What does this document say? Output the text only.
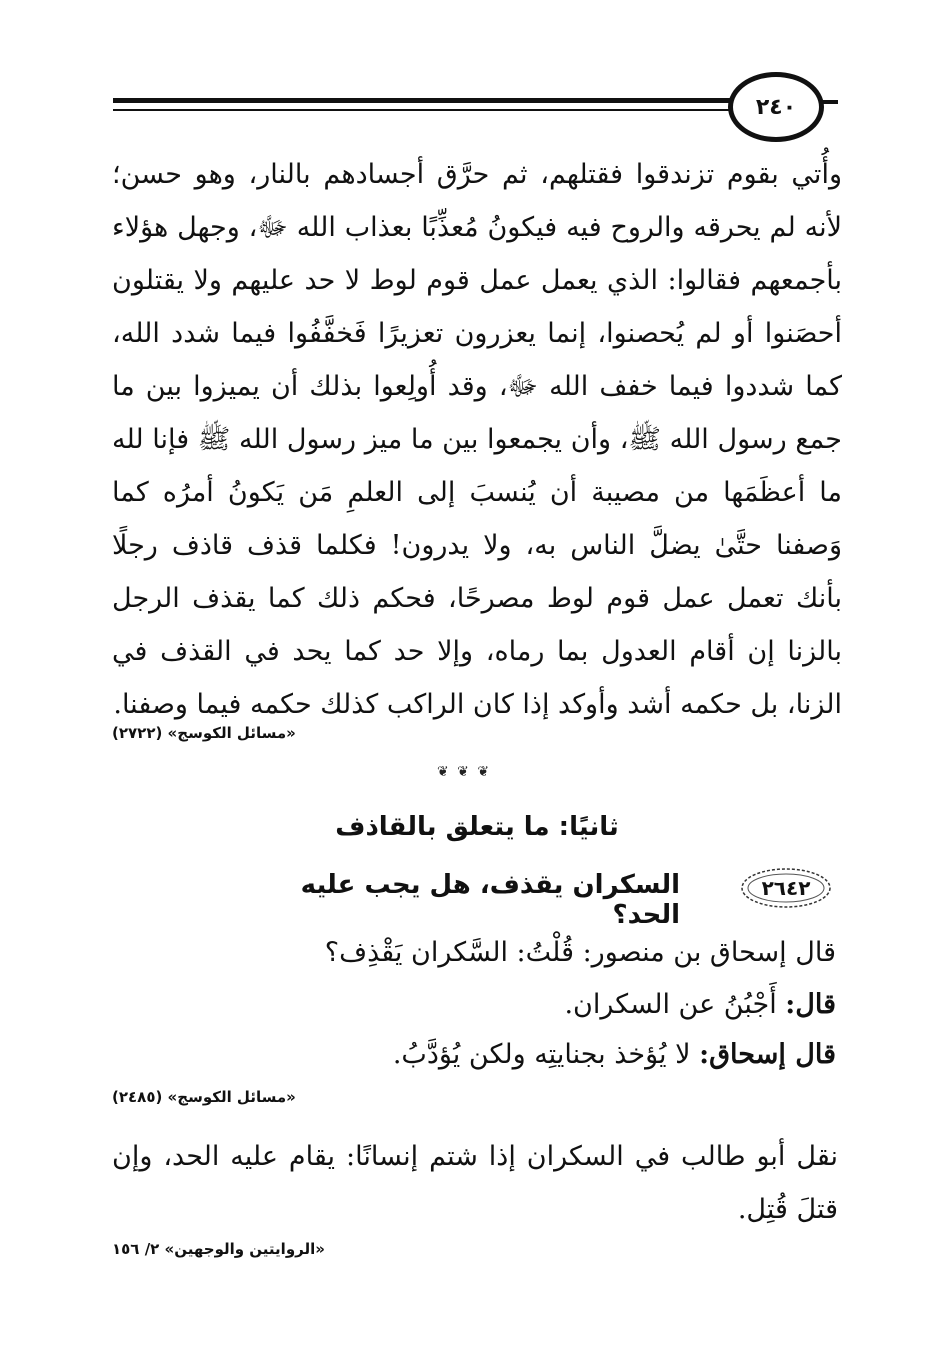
٢٤٠
وأُتي بقوم تزندقوا فقتلهم، ثم حرَّق أجسادهم بالنار، وهو حسن؛ لأنه لم يحرقه والروح فيه فيكونُ مُعذِّبًا بعذاب الله ﷻ، وجهل هؤلاء بأجمعهم فقالوا: الذي يعمل عمل قوم لوط لا حد عليهم ولا يقتلون أحصَنوا أو لم يُحصنوا، إنما يعزرون تعزيرًا فَخفَّفُوا فيما شدد الله، كما شددوا فيما خفف الله ﷻ، وقد أُولِعوا بذلك أن يميزوا بين ما جمع رسول الله ﷺ، وأن يجمعوا بين ما ميز رسول الله ﷺ فإنا لله ما أعظَمَها من مصيبة أن يُنسبَ إلى العلمِ مَن يَكونُ أمرُه كما وَصفنا حتَّىٰ يضلَّ الناس به، ولا يدرون! فكلما قذف قاذف رجلًا بأنك تعمل عمل قوم لوط مصرحًا، فحكم ذلك كما يقذف الرجل بالزنا إن أقام العدول بما رماه، وإلا حد كما يحد في القذف في الزنا، بل حكمه أشد وأوكد إذا كان الراكب كذلك حكمه فيما وصفنا.
«مسائل الكوسج» (٢٧٢٢)
❦ ❦ ❦
ثانيًا: ما يتعلق بالقاذف
٢٦٤٢
السكران يقذف، هل يجب عليه الحد؟
قال إسحاق بن منصور: قُلْتُ: السَّكران يَقْذِف؟
قال: أَجْبُنُ عن السكران.
قال إسحاق: لا يُؤخذ بجنايتِه ولكن يُؤدَّبُ.
«مسائل الكوسج» (٢٤٨٥)
نقل أبو طالب في السكران إذا شتم إنسانًا: يقام عليه الحد، وإن قتلَ قُتِل.
«الروايتين والوجهين» ٢/ ١٥٦
